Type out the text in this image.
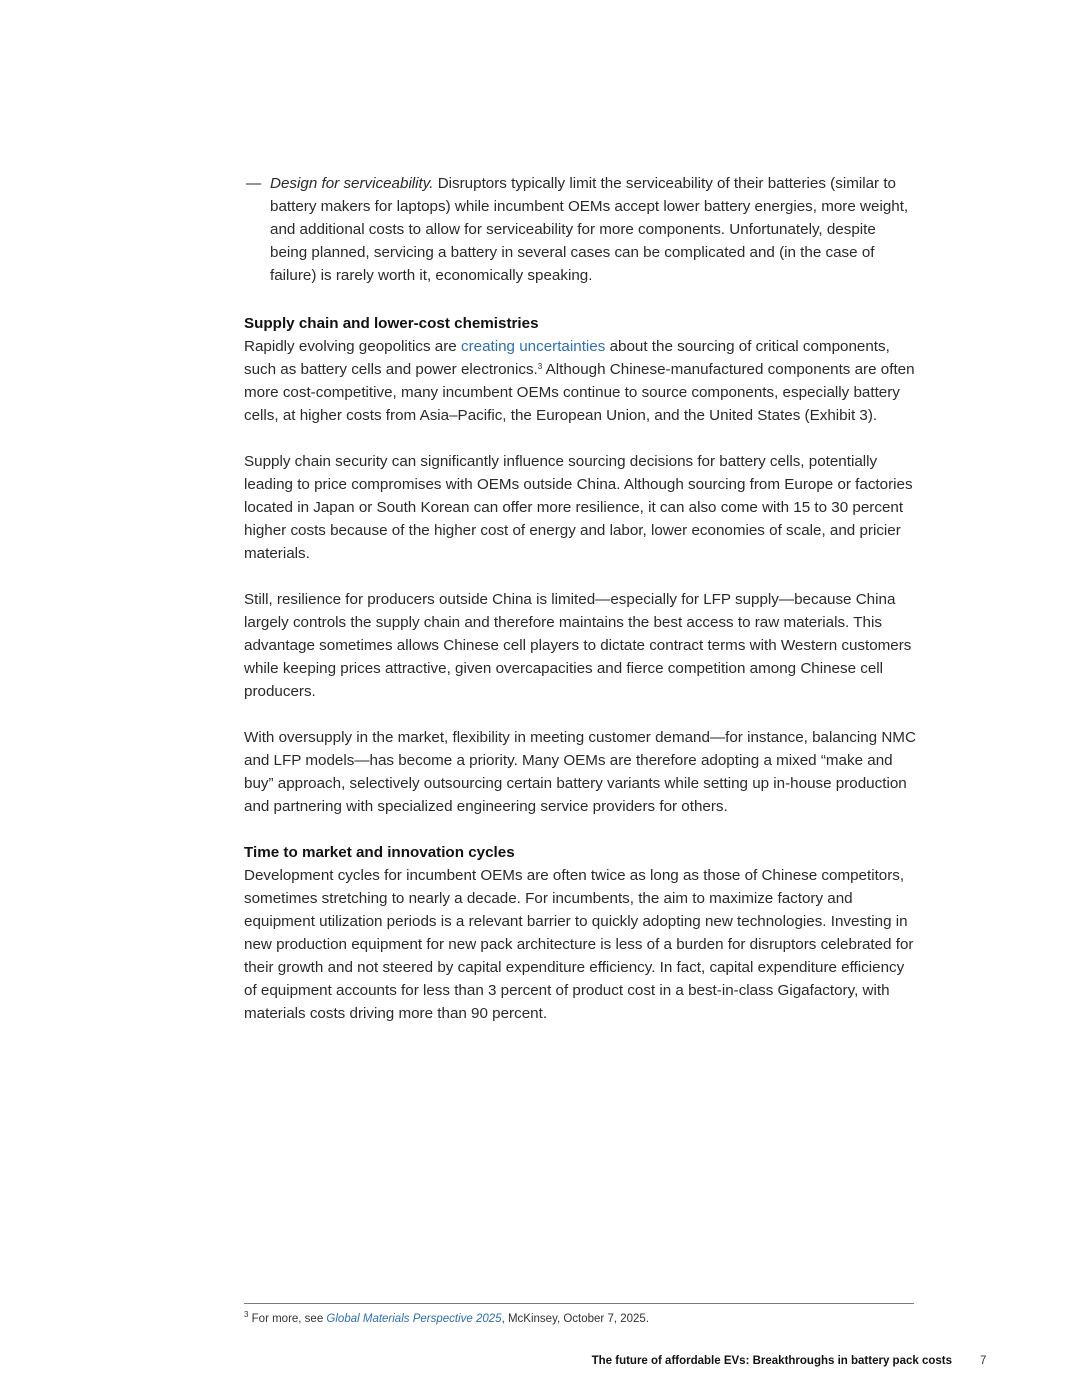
— Design for serviceability. Disruptors typically limit the serviceability of their batteries (similar to battery makers for laptops) while incumbent OEMs accept lower battery energies, more weight, and additional costs to allow for serviceability for more components. Unfortunately, despite being planned, servicing a battery in several cases can be complicated and (in the case of failure) is rarely worth it, economically speaking.

Supply chain and lower-cost chemistries

Rapidly evolving geopolitics are creating uncertainties about the sourcing of critical components, such as battery cells and power electronics.$^3$ Although Chinese-manufactured components are often more cost-competitive, many incumbent OEMs continue to source components, especially battery cells, at higher costs from Asia–Pacific, the European Union, and the United States (Exhibit 3).

Supply chain security can significantly influence sourcing decisions for battery cells, potentially leading to price compromises with OEMs outside China. Although sourcing from Europe or factories located in Japan or South Korean can offer more resilience, it can also come with 15 to 30 percent higher costs because of the higher cost of energy and labor, lower economies of scale, and pricier materials.

Still, resilience for producers outside China is limited—especially for LFP supply—because China largely controls the supply chain and therefore maintains the best access to raw materials. This advantage sometimes allows Chinese cell players to dictate contract terms with Western customers while keeping prices attractive, given overcapacities and fierce competition among Chinese cell producers.

With oversupply in the market, flexibility in meeting customer demand—for instance, balancing NMC and LFP models—has become a priority. Many OEMs are therefore adopting a mixed “make and buy” approach, selectively outsourcing certain battery variants while setting up in-house production and partnering with specialized engineering service providers for others.

Time to market and innovation cycles

Development cycles for incumbent OEMs are often twice as long as those of Chinese competitors, sometimes stretching to nearly a decade. For incumbents, the aim to maximize factory and equipment utilization periods is a relevant barrier to quickly adopting new technologies. Investing in new production equipment for new pack architecture is less of a burden for disruptors celebrated for their growth and not steered by capital expenditure efficiency. In fact, capital expenditure efficiency of equipment accounts for less than 3 percent of product cost in a best-in-class Gigafactory, with materials costs driving more than 90 percent.

$^3$ For more, see Global Materials Perspective 2025, McKinsey, October 7, 2025.
The future of affordable EVs: Breakthroughs in battery pack costs 7
